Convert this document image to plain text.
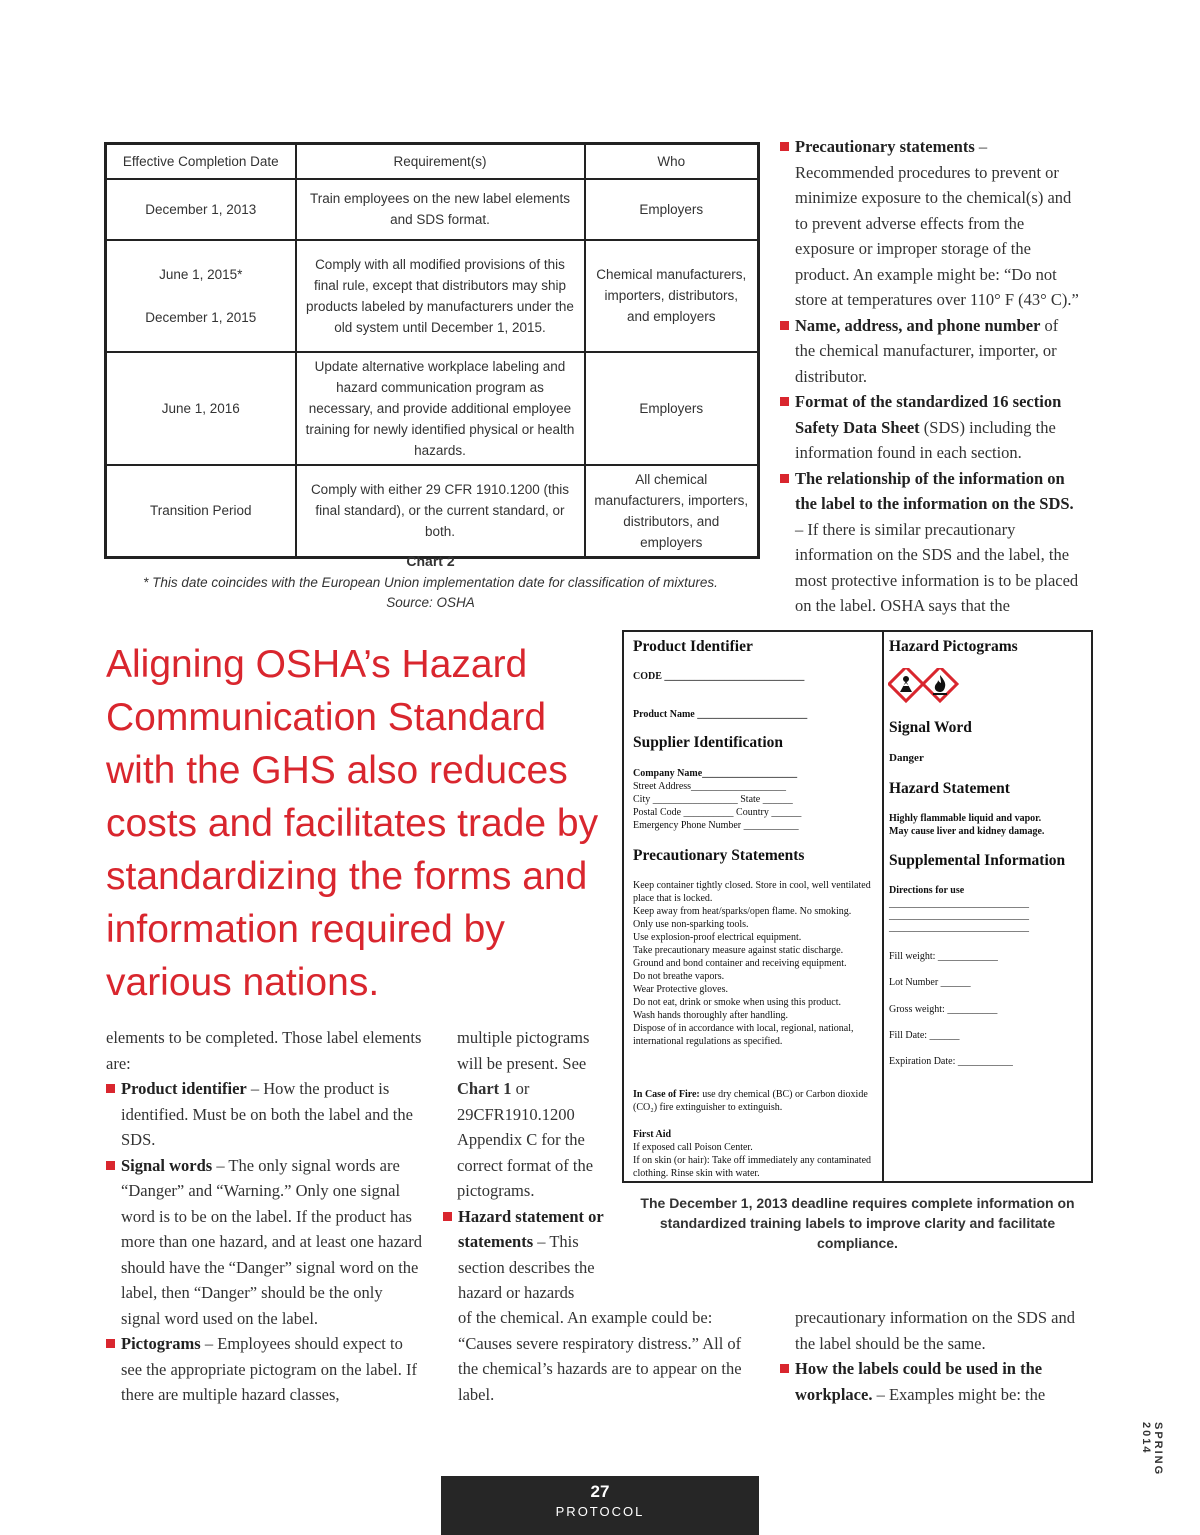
Effective Completion Date	Requirement(s)	Who
December 1, 2013	Train employees on the new label elements and SDS format.	Employers

June 1, 2015*
December 1, 2015	Comply with all modified provisions of this final rule, except that distributors may ship products labeled by manufacturers under the old system until December 1, 2015.	Chemical manufacturers, importers, distributors, and employers
June 1, 2016	Update alternative workplace labeling and hazard communication program as necessary, and provide additional employee training for newly identified physical or health hazards.	Employers
Transition Period	Comply with either 29 CFR 1910.1200 (this final standard), or the current standard, or both.	All chemical manufacturers, importers, distributors, and employers
Chart 2
* This date coincides with the European Union implementation date for classification of mixtures.
Source: OSHA
Precautionary statements – Recommended procedures to prevent or minimize exposure to the chemical(s) and to prevent adverse effects from the exposure or improper storage of the product. An example might be: “Do not store at temperatures over 110° F (43° C).”
Name, address, and phone number of the chemical manufacturer, importer, or distributor.
Format of the standardized 16 section Safety Data Sheet (SDS) including the information found in each section.
The relationship of the information on the label to the information on the SDS. – If there is similar precautionary information on the SDS and the label, the most protective information is to be placed on the label. OSHA says that the
Aligning OSHA’s Hazard Communication Standard with the GHS also reduces costs and facilitates trade by standardizing the forms and information required by various nations.
elements to be completed. Those label elements are:
Product identifier – How the product is identified. Must be on both the label and the SDS.
Signal words – The only signal words are “Danger” and “Warning.” Only one signal word is to be on the label. If the product has more than one hazard, and at least one hazard should have the “Danger” signal word on the label, then “Danger” should be the only signal word used on the label.
Pictograms – Employees should expect to see the appropriate pictogram on the label. If there are multiple hazard classes,
multiple pictograms will be present. See Chart 1 or 29CFR1910.1200 Appendix C for the correct format of the pictograms.
Hazard statement or statements – This section describes the hazard or hazards
of the chemical. An example could be: “Causes severe respiratory distress.” All of the chemical’s hazards are to appear on the label.
precautionary information on the SDS and the label should be the same.
How the labels could be used in the workplace. – Examples might be: the
Product Identifier
CODE ____________________________
Product Name ______________________
Supplier Identification
Company Name___________________
Street Address___________________
City _________________ State ______
Postal Code __________ Country ______
Emergency Phone Number ___________
Precautionary Statements
Keep container tightly closed. Store in cool, well ventilated place that is locked.
Keep away from heat/sparks/open flame. No smoking.
Only use non-sparking tools.
Use explosion-proof electrical equipment.
Take precautionary measure against static discharge.
Ground and bond container and receiving equipment.
Do not breathe vapors.
Wear Protective gloves.
Do not eat, drink or smoke when using this product.
Wash hands thoroughly after handling.
Dispose of in accordance with local, regional, national, international regulations as specified.
In Case of Fire: use dry chemical (BC) or Carbon dioxide (CO₂) fire extinguisher to extinguish.
First Aid
If exposed call Poison Center.
If on skin (or hair): Take off immediately any contaminated clothing. Rinse skin with water.
Hazard Pictograms
Signal Word
Danger
Hazard Statement
Highly flammable liquid and vapor.
May cause liver and kidney damage.
Supplemental Information
Directions for use
____________________________
____________________________
____________________________
Fill weight: ____________
Lot Number ______
Gross weight: __________
Fill Date: ______
Expiration Date: ___________
The December 1, 2013 deadline requires complete information on standardized training labels to improve clarity and facilitate compliance.
27
PROTOCOL
SPRING 2014
